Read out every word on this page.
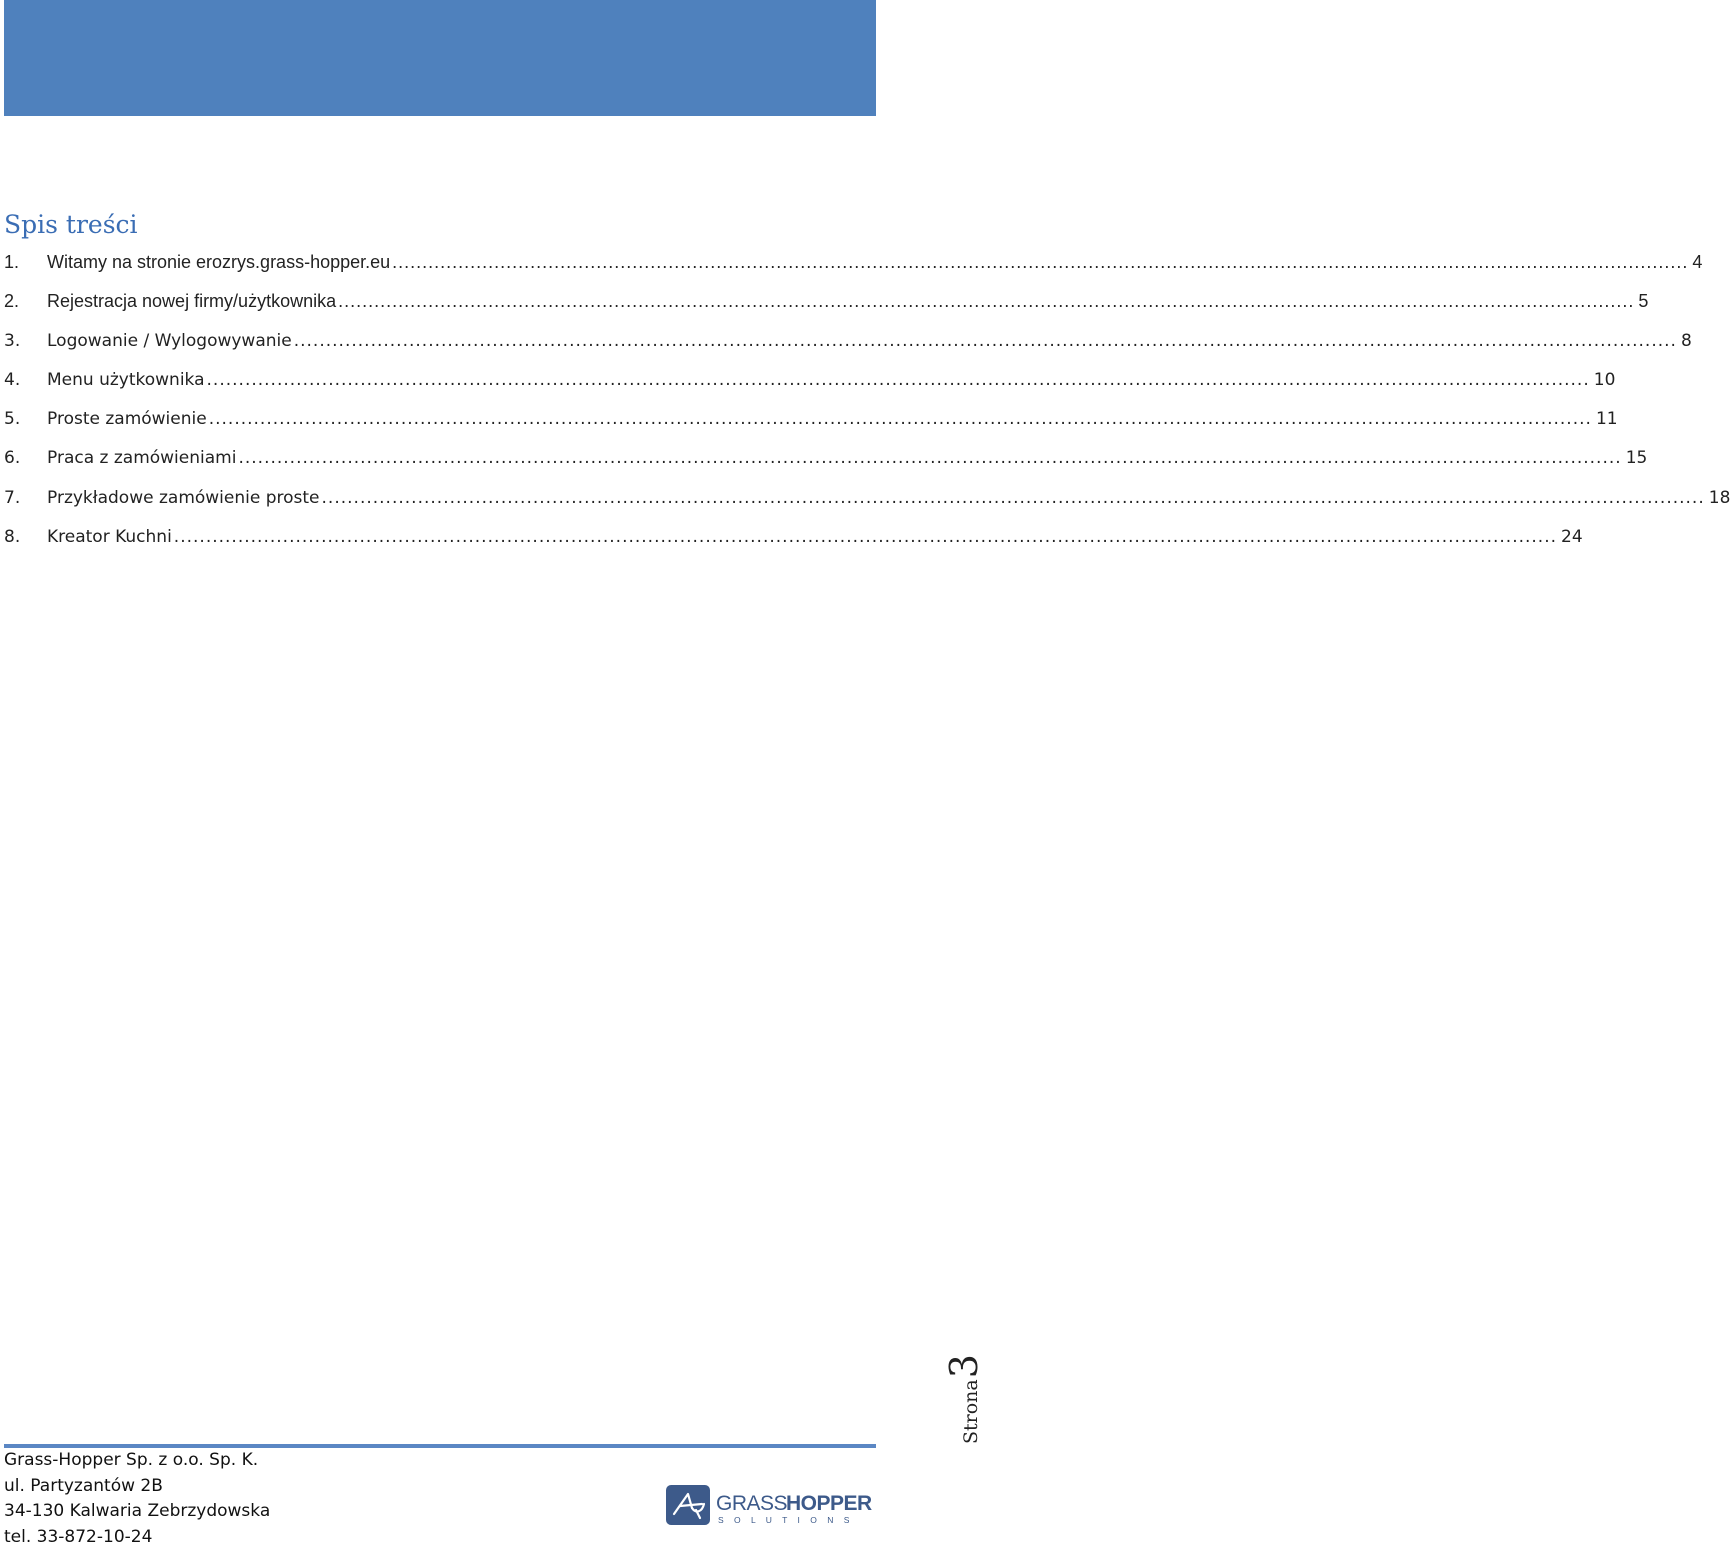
Spis treści
1.	Witamy na stronie erozrys.grass-hopper.eu .....	4
2.	Rejestracja nowej firmy/użytkownika .....	5
3.	Logowanie / Wylogowywanie .....	8
4.	Menu użytkownika .....	10
5.	Proste zamówienie .....	11
6.	Praca z zamówieniami .....	15
7.	Przykładowe zamówienie proste .....	18
8.	Kreator Kuchni .....	24
Strona
3
Grass-Hopper Sp. z o.o. Sp. K.
ul. Partyzantów 2B
34-130 Kalwaria Zebrzydowska
tel. 33-872-10-24
GRASS
HOPPER
S O L U T I O N S
